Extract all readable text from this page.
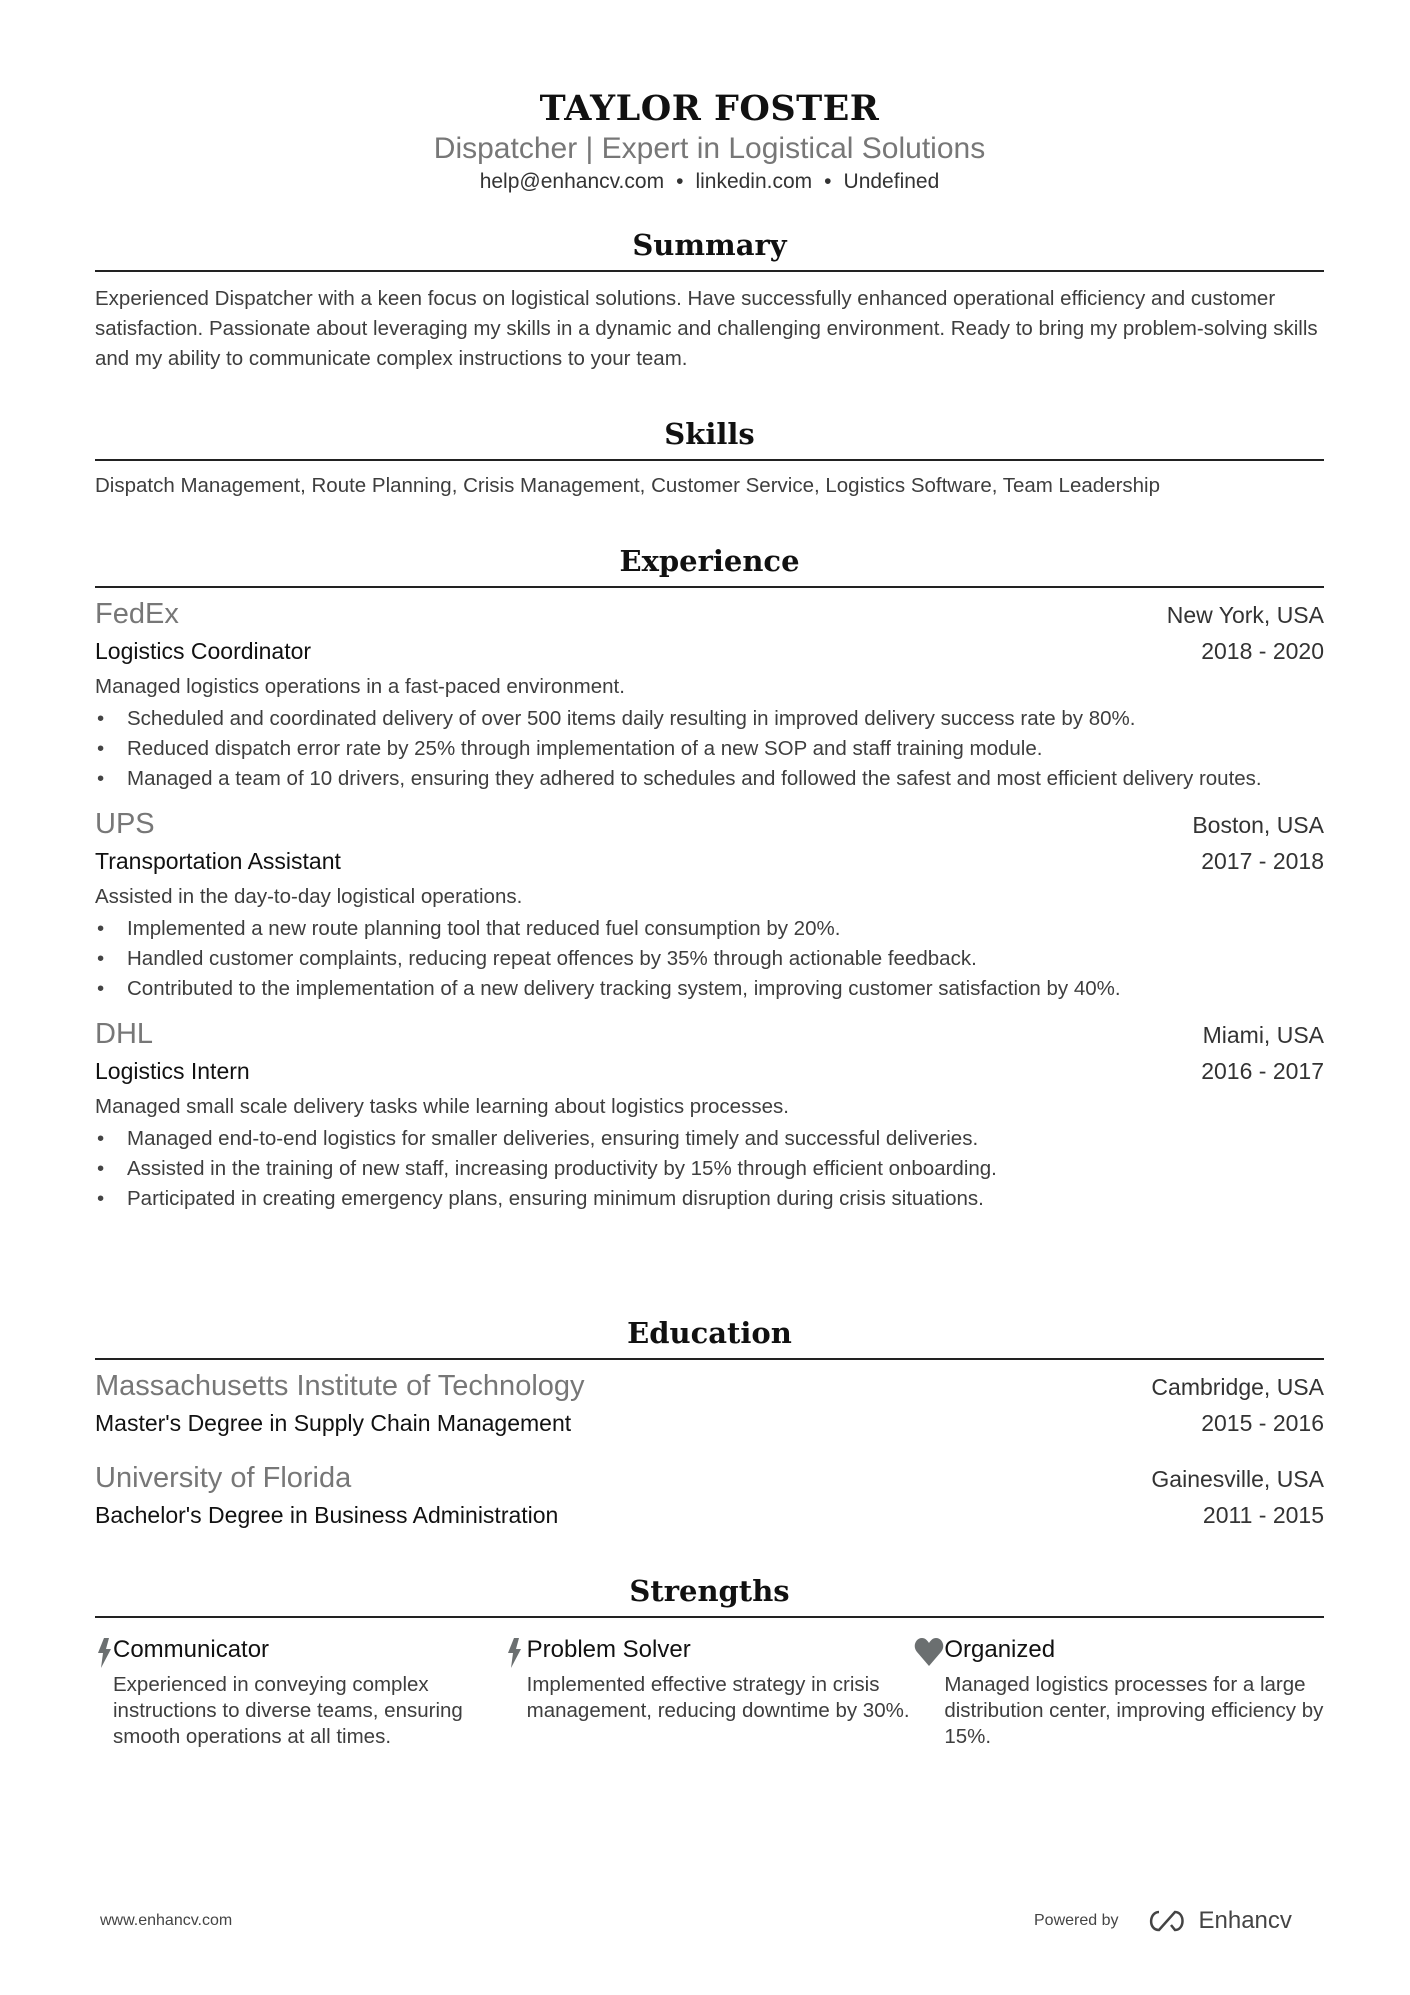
TAYLOR FOSTER
Dispatcher | Expert in Logistical Solutions
help@enhancv.com • linkedin.com • Undefined
Summary
Experienced Dispatcher with a keen focus on logistical solutions. Have successfully enhanced operational efficiency and customer satisfaction. Passionate about leveraging my skills in a dynamic and challenging environment. Ready to bring my problem-solving skills and my ability to communicate complex instructions to your team.
Skills
Dispatch Management, Route Planning, Crisis Management, Customer Service, Logistics Software, Team Leadership
Experience
FedEx	New York, USA
Logistics Coordinator	2018 - 2020
Managed logistics operations in a fast-paced environment.
• Scheduled and coordinated delivery of over 500 items daily resulting in improved delivery success rate by 80%.
• Reduced dispatch error rate by 25% through implementation of a new SOP and staff training module.
• Managed a team of 10 drivers, ensuring they adhered to schedules and followed the safest and most efficient delivery routes.
UPS	Boston, USA
Transportation Assistant	2017 - 2018
Assisted in the day-to-day logistical operations.
• Implemented a new route planning tool that reduced fuel consumption by 20%.
• Handled customer complaints, reducing repeat offences by 35% through actionable feedback.
• Contributed to the implementation of a new delivery tracking system, improving customer satisfaction by 40%.
DHL	Miami, USA
Logistics Intern	2016 - 2017
Managed small scale delivery tasks while learning about logistics processes.
• Managed end-to-end logistics for smaller deliveries, ensuring timely and successful deliveries.
• Assisted in the training of new staff, increasing productivity by 15% through efficient onboarding.
• Participated in creating emergency plans, ensuring minimum disruption during crisis situations.
Education
Massachusetts Institute of Technology	Cambridge, USA
Master's Degree in Supply Chain Management	2015 - 2016
University of Florida	Gainesville, USA
Bachelor's Degree in Business Administration	2011 - 2015
Strengths
Communicator
Experienced in conveying complex instructions to diverse teams, ensuring smooth operations at all times.
Problem Solver
Implemented effective strategy in crisis management, reducing downtime by 30%.
Organized
Managed logistics processes for a large distribution center, improving efficiency by 15%.
www.enhancv.com	Powered by	Enhancv
